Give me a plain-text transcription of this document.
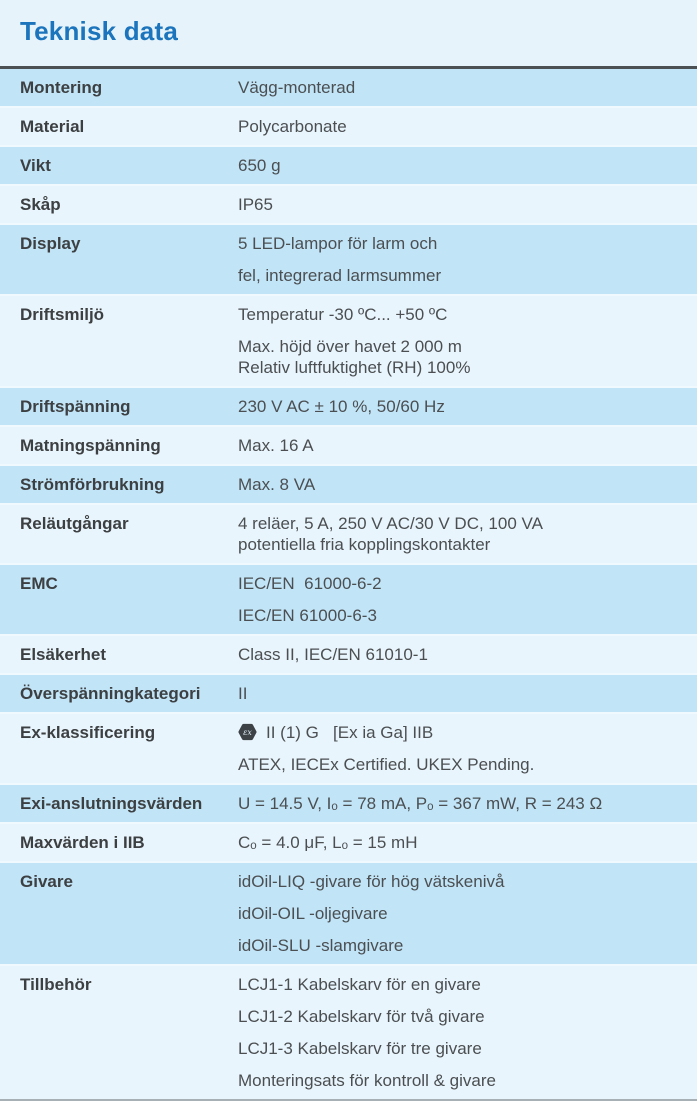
Teknisk data
Montering	Vägg-monterad
Material	Polycarbonate
Vikt	650 g
Skåp	IP65
Display	5 LED-lampor för larm och
fel, integrerad larmsummer
Driftsmiljö	Temperatur -30 ºC... +50 ºC
Max. höjd över havet 2 000 m
Relativ luftfuktighet (RH) 100%
Driftspänning	230 V AC ± 10 %, 50/60 Hz
Matningspänning	Max. 16 A
Strömförbrukning	Max. 8 VA
Reläutgångar	4 reläer, 5 A, 250 V AC/30 V DC, 100 VA
potentiella fria kopplingskontakter
EMC	IEC/EN  61000-6-2
IEC/EN 61000-6-3
Elsäkerhet	Class II, IEC/EN 61010-1
Överspänningkategori	II
Ex-klassificering	εx II (1) G   [Ex ia Ga] IIB
ATEX, IECEx Certified. UKEX Pending.
Exi-anslutningsvärden	U = 14.5 V, Iₒ = 78 mA, Pₒ = 367 mW, R = 243 Ω
Maxvärden i IIB	Cₒ = 4.0 μF, Lₒ = 15 mH
Givare	idOil-LIQ -givare för hög vätskenivå
idOil-OIL -oljegivare
idOil-SLU -slamgivare
Tillbehör	LCJ1-1 Kabelskarv för en givare
LCJ1-2 Kabelskarv för två givare
LCJ1-3 Kabelskarv för tre givare
Monteringsats för kontroll & givare
